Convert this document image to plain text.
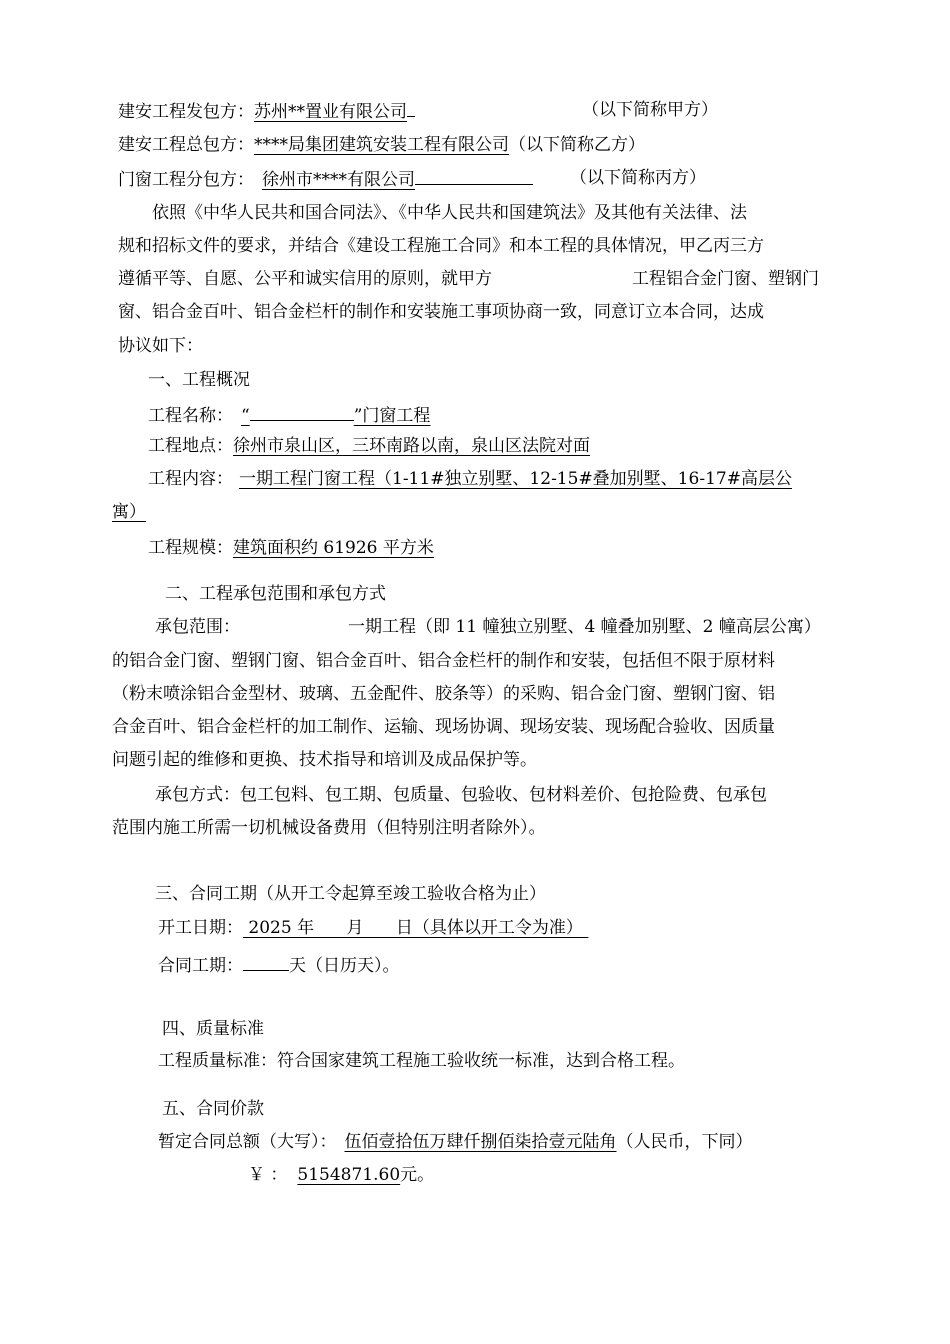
建安工程发包方：苏州**置业有限公司	（以下简称甲方）
建安工程总包方：****局集团建筑安装工程有限公司（以下简称乙方）
门窗工程分包方： 徐州市****有限公司	（以下简称丙方）
依照《中华人民共和国合同法》、《中华人民共和国建筑法》及其他有关法律、法
规和招标文件的要求，并结合《建设工程施工合同》和本工程的具体情况，甲乙丙三方
遵循平等、自愿、公平和诚实信用的原则，就甲方	工程铝合金门窗、塑钢门
窗、铝合金百叶、铝合金栏杆的制作和安装施工事项协商一致，同意订立本合同，达成
协议如下：
一、工程概况
工程名称： “	”门窗工程
工程地点：徐州市泉山区，三环南路以南，泉山区法院对面
工程内容： 一期工程门窗工程（1-11#独立别墅、12-15#叠加别墅、16-17#高层公
寓）
工程规模：建筑面积约 61926 平方米
二、工程承包范围和承包方式
承包范围：	一期工程（即 11 幢独立别墅、4 幢叠加别墅、2 幢高层公寓）
的铝合金门窗、塑钢门窗、铝合金百叶、铝合金栏杆的制作和安装，包括但不限于原材料
（粉末喷涂铝合金型材、玻璃、五金配件、胶条等）的采购、铝合金门窗、塑钢门窗、铝
合金百叶、铝合金栏杆的加工制作、运输、现场协调、现场安装、现场配合验收、因质量
问题引起的维修和更换、技术指导和培训及成品保护等。
承包方式：包工包料、包工期、包质量、包验收、包材料差价、包抢险费、包承包
范围内施工所需一切机械设备费用（但特别注明者除外）。
三、合同工期（从开工令起算至竣工验收合格为止）
开工日期： 2025 年      月      日（具体以开工令为准）
合同工期：	天（日历天）。
四、质量标准
工程质量标准：符合国家建筑工程施工验收统一标准，达到合格工程。
五、合同价款
暂定合同总额（大写）： 伍佰壹拾伍万肆仟捌佰柒拾壹元陆角（人民币，下同）
￥ ： 5154871.60元。
